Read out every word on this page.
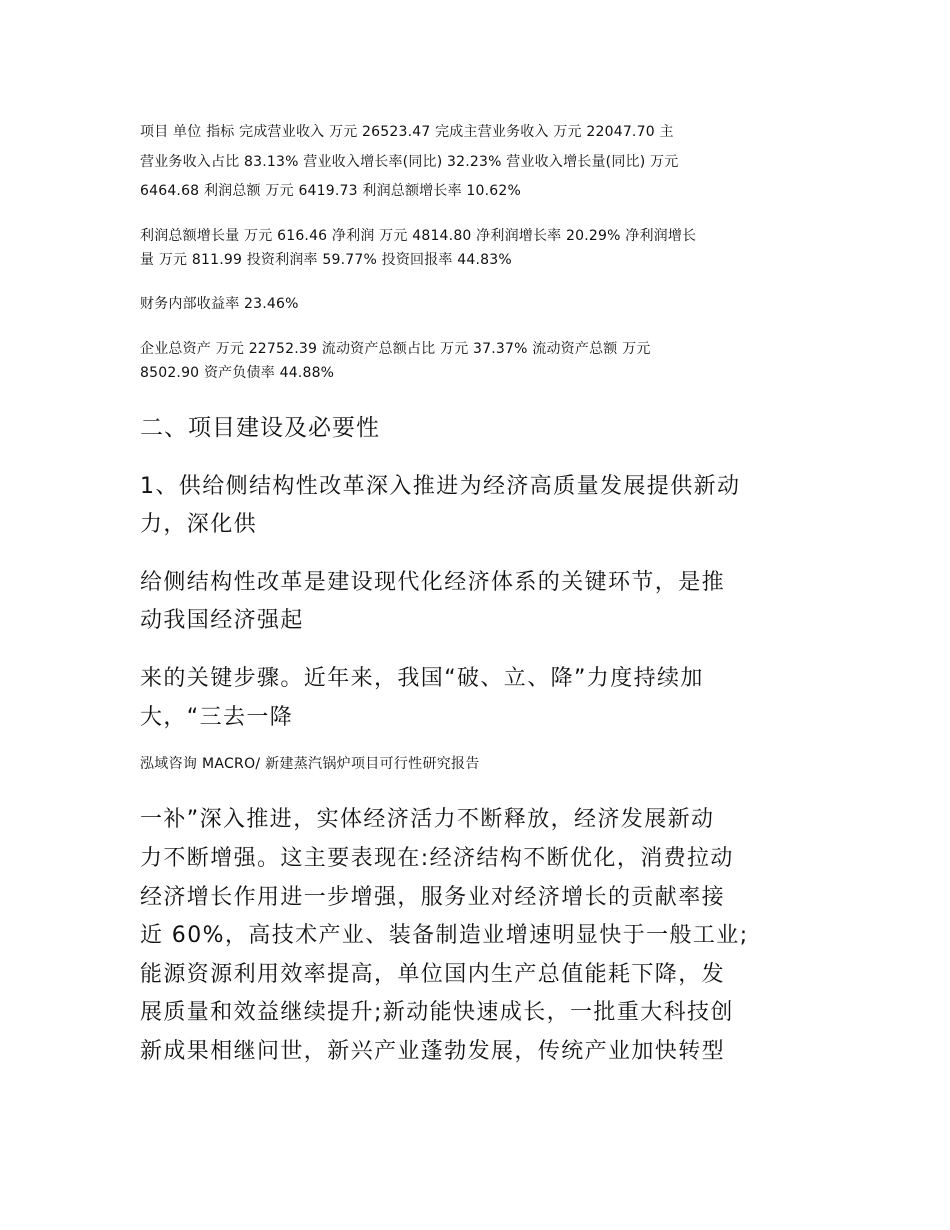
项目 单位 指标 完成营业收入 万元 26523.47 完成主营业务收入 万元 22047.70 主

营业务收入占比 83.13% 营业收入增长率(同比) 32.23% 营业收入增长量(同比) 万元

6464.68 利润总额 万元 6419.73 利润总额增长率 10.62%

利润总额增长量 万元 616.46 净利润 万元 4814.80 净利润增长率 20.29% 净利润增长

量 万元 811.99 投资利润率 59.77% 投资回报率 44.83%

财务内部收益率 23.46%

企业总资产 万元 22752.39 流动资产总额占比 万元 37.37% 流动资产总额 万元

8502.90 资产负债率 44.88%

二、项目建设及必要性

1、供给侧结构性改革深入推进为经济高质量发展提供新动

力，深化供

给侧结构性改革是建设现代化经济体系的关键环节，是推

动我国经济强起

来的关键步骤。近年来，我国“破、立、降”力度持续加

大，“三去一降

泓域咨询 MACRO/ 新建蒸汽锅炉项目可行性研究报告

一补”深入推进，实体经济活力不断释放，经济发展新动

力不断增强。这主要表现在:经济结构不断优化，消费拉动

经济增长作用进一步增强，服务业对经济增长的贡献率接

近 60%，高技术产业、装备制造业增速明显快于一般工业;

能源资源利用效率提高，单位国内生产总值能耗下降，发

展质量和效益继续提升;新动能快速成长，一批重大科技创

新成果相继问世，新兴产业蓬勃发展，传统产业加快转型
